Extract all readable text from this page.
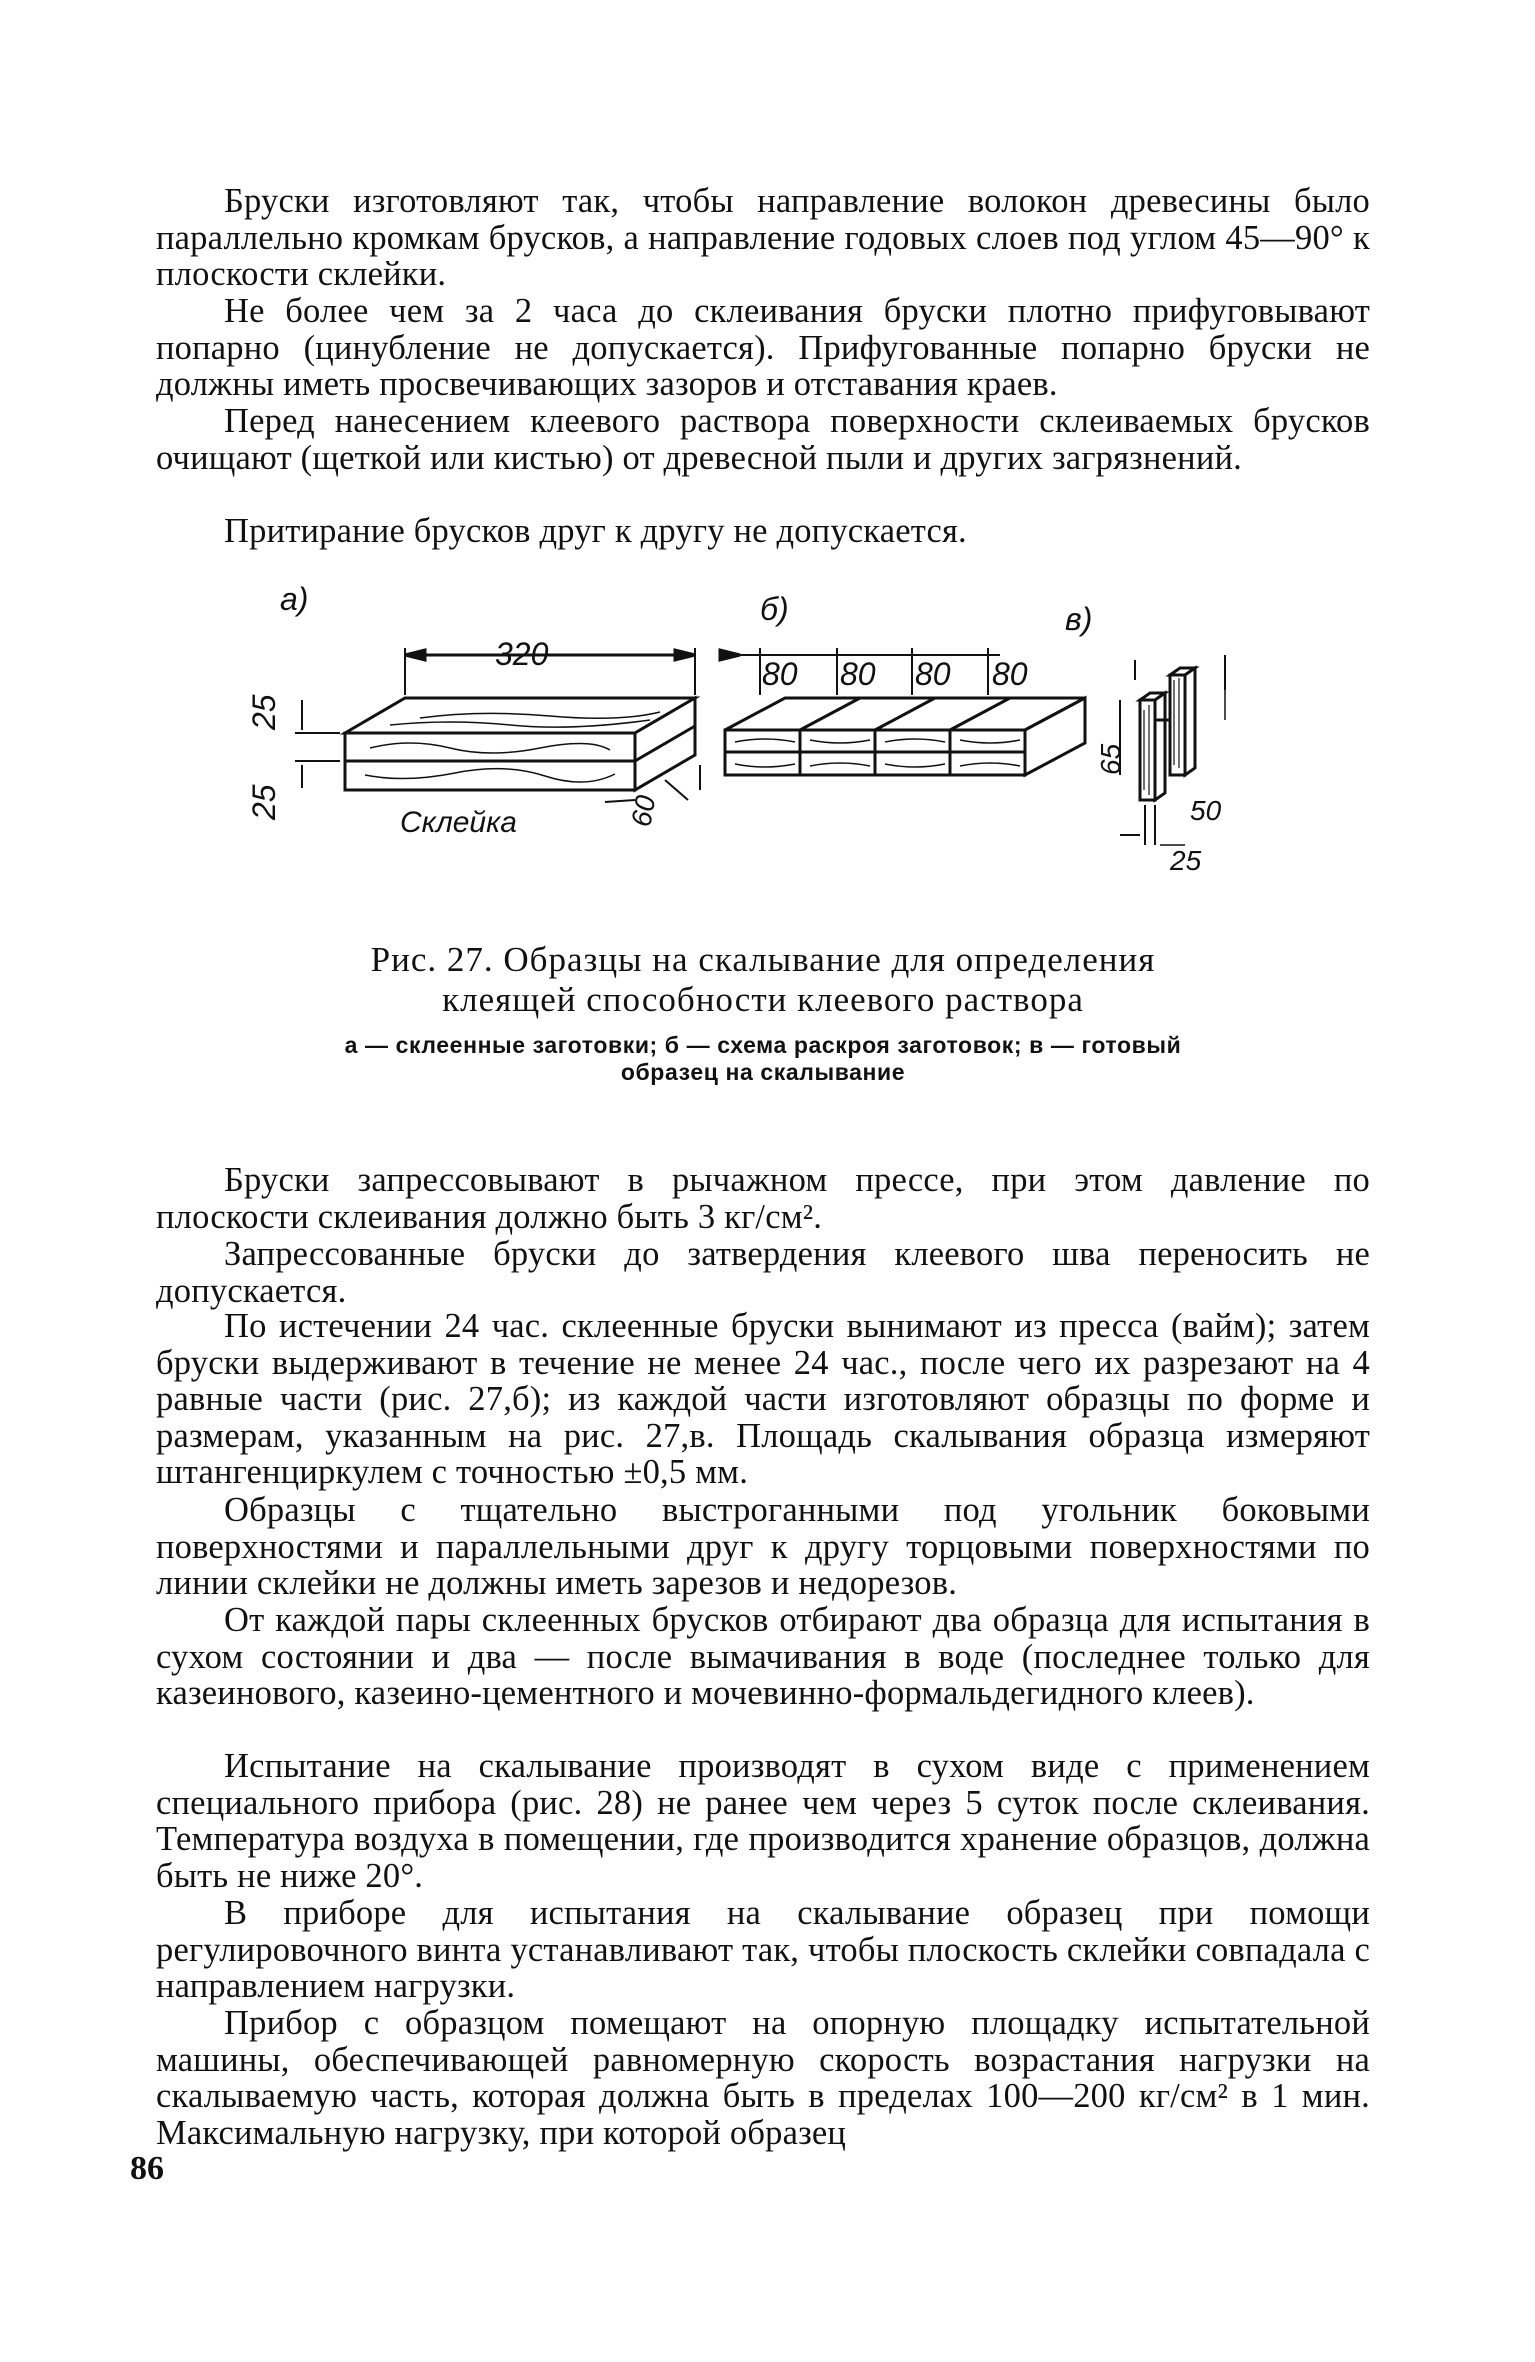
Бруски изготовляют так, чтобы направление волокон древесины было параллельно кромкам брусков, а направление годовых слоев под углом 45—90° к плоскости склейки.

Не более чем за 2 часа до склеивания бруски плотно прифуговывают попарно (цинубление не допускается). Прифугованные попарно бруски не должны иметь просвечивающих зазоров и отставания краев.

Перед нанесением клеевого раствора поверхности склеиваемых брусков очищают (щеткой или кистью) от древесной пыли и других загрязнений.

Притирание брусков друг к другу не допускается.

а)	б)	в)
320
25
25	60
Склейка
80 80 80 80
65
50
25
Рис. 27. Образцы на скалывание для определения
клеящей способности клеевого раствора
а — склеенные заготовки; б — схема раскроя заготовок; в — готовый
образец на скалывание

Бруски запрессовывают в рычажном прессе, при этом давление по плоскости склеивания должно быть 3 кг/см².

Запрессованные бруски до затвердения клеевого шва переносить не допускается.

По истечении 24 час. склеенные бруски вынимают из пресса (вайм); затем бруски выдерживают в течение не менее 24 час., после чего их разрезают на 4 равные части (рис. 27,б); из каждой части изготовляют образцы по форме и размерам, указанным на рис. 27,в. Площадь скалывания образца измеряют штангенциркулем с точностью ±0,5 мм.

Образцы с тщательно выстроганными под угольник боковыми поверхностями и параллельными друг к другу торцовыми поверхностями по линии склейки не должны иметь зарезов и недорезов.

От каждой пары склеенных брусков отбирают два образца для испытания в сухом состоянии и два — после вымачивания в воде (последнее только для казеинового, казеино-цементного и мочевинно-формальдегидного клеев).

Испытание на скалывание производят в сухом виде с применением специального прибора (рис. 28) не ранее чем через 5 суток после склеивания. Температура воздуха в помещении, где производится хранение образцов, должна быть не ниже 20°.

В приборе для испытания на скалывание образец при помощи регулировочного винта устанавливают так, чтобы плоскость склейки совпадала с направлением нагрузки.

Прибор с образцом помещают на опорную площадку испытательной машины, обеспечивающей равномерную скорость возрастания нагрузки на скалываемую часть, которая должна быть в пределах 100—200 кг/см² в 1 мин. Максимальную нагрузку, при которой образец

86
